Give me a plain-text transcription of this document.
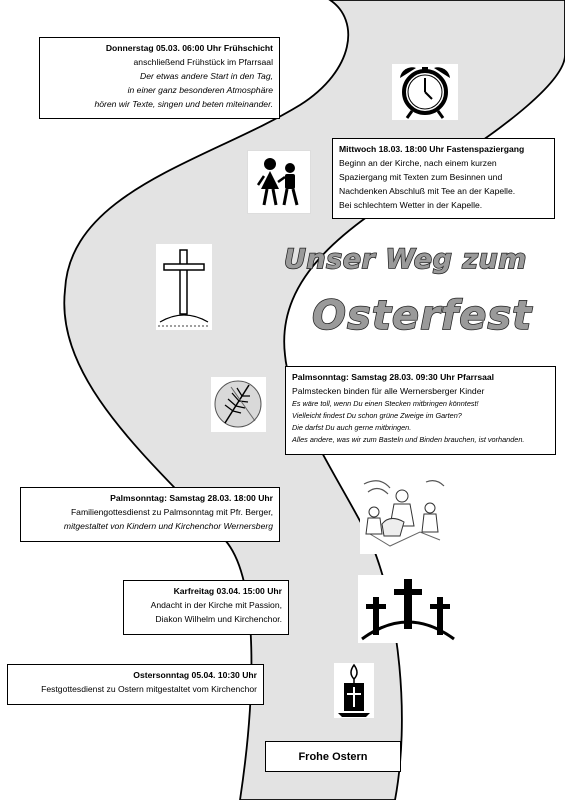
Donnerstag 05.03. 06:00 Uhr Frühschicht
anschließend Frühstück im Pfarrsaal
Der etwas andere Start in den Tag,
in einer ganz besonderen Atmosphäre
hören wir Texte, singen und beten miteinander.
Mittwoch 18.03. 18:00 Uhr Fastenspaziergang
Beginn an der Kirche, nach einem kurzen
Spaziergang mit Texten zum Besinnen und
Nachdenken Abschluß mit Tee an der Kapelle.
Bei schlechtem Wetter in der Kapelle.
Unser Weg zum
Osterfest
Palmsonntag: Samstag 28.03. 09:30 Uhr Pfarrsaal
Palmstecken binden für alle Wernersberger Kinder
Es wäre toll, wenn Du einen Stecken mitbringen könntest!
Vielleicht findest Du schon grüne Zweige im Garten?
Die darfst Du auch gerne mitbringen.
Alles andere, was wir zum Basteln und Binden brauchen, ist vorhanden.
Palmsonntag: Samstag 28.03. 18:00 Uhr
Familiengottesdienst zu Palmsonntag mit Pfr. Berger,
mitgestaltet von Kindern und Kirchenchor Wernersberg
Karfreitag 03.04. 15:00 Uhr
Andacht in der Kirche mit Passion,
Diakon Wilhelm und Kirchenchor.
Ostersonntag 05.04. 10:30 Uhr
Festgottesdienst zu Ostern mitgestaltet vom Kirchenchor
Frohe Ostern
